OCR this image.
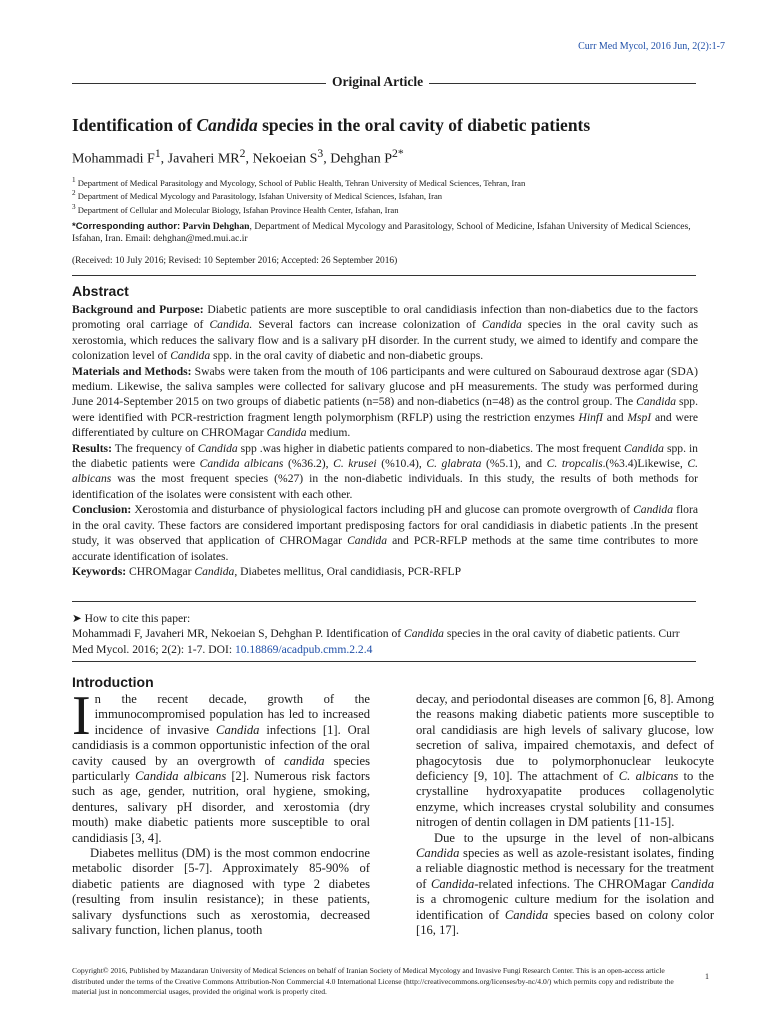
Curr Med Mycol, 2016 Jun, 2(2):1-7
Original Article
Identification of Candida species in the oral cavity of diabetic patients
Mohammadi $F^1$, Javaheri $MR^2$, Nekoeian $S^3$, Dehghan $P^{2*}$
$^1$ Department of Medical Parasitology and Mycology, School of Public Health, Tehran University of Medical Sciences, Tehran, Iran
$^2$ Department of Medical Mycology and Parasitology, Isfahan University of Medical Sciences, Isfahan, Iran
$^3$ Department of Cellular and Molecular Biology, Isfahan Province Health Center, Isfahan, Iran
*Corresponding author: Parvin Dehghan, Department of Medical Mycology and Parasitology, School of Medicine, Isfahan University of Medical Sciences, Isfahan, Iran. Email: dehghan@med.mui.ac.ir
(Received: 10 July 2016; Revised: 10 September 2016; Accepted: 26 September 2016)
Abstract

Background and Purpose: Diabetic patients are more susceptible to oral candidiasis infection than non-diabetics due to the factors promoting oral carriage of Candida. Several factors can increase colonization of Candida species in the oral cavity such as xerostomia, which reduces the salivary flow and is a salivary pH disorder. In the current study, we aimed to identify and compare the colonization level of Candida spp. in the oral cavity of diabetic and non-diabetic groups.

Materials and Methods: Swabs were taken from the mouth of 106 participants and were cultured on Sabouraud dextrose agar (SDA) medium. Likewise, the saliva samples were collected for salivary glucose and pH measurements. The study was performed during June 2014-September 2015 on two groups of diabetic patients (n=58) and non-diabetics (n=48) as the control group. The Candida spp. were identified with PCR-restriction fragment length polymorphism (RFLP) using the restriction enzymes HinfI and MspI and were differentiated by culture on CHROMagar Candida medium.

Results: The frequency of Candida spp .was higher in diabetic patients compared to non-diabetics. The most frequent Candida spp. in the diabetic patients were Candida albicans (%36.2), C. krusei (%10.4), C. glabrata (%5.1), and C. tropcalis.(%3.4)Likewise, C. albicans was the most frequent species (%27) in the non-diabetic individuals. In this study, the results of both methods for identification of the isolates were consistent with each other.

Conclusion: Xerostomia and disturbance of physiological factors including pH and glucose can promote overgrowth of Candida flora in the oral cavity. These factors are considered important predisposing factors for oral candidiasis in diabetic patients .In the present study, it was observed that application of CHROMagar Candida and PCR-RFLP methods at the same time contributes to more accurate identification of isolates.

Keywords: CHROMagar Candida, Diabetes mellitus, Oral candidiasis, PCR-RFLP

➤ How to cite this paper:

Mohammadi F, Javaheri MR, Nekoeian S, Dehghan P. Identification of Candida species in the oral cavity of diabetic patients. Curr Med Mycol. 2016; 2(2): 1-7. DOI: 10.18869/acadpub.cmm.2.2.4

Introduction

In the recent decade, growth of the immunocompromised population has led to increased incidence of invasive Candida infections [1]. Oral candidiasis is a common opportunistic infection of the oral cavity caused by an overgrowth of candida species particularly Candida albicans [2]. Numerous risk factors such as age, gender, nutrition, oral hygiene, smoking, dentures, salivary pH disorder, and xerostomia (dry mouth) make diabetic patients more susceptible to oral candidiasis [3, 4].

Diabetes mellitus (DM) is the most common endocrine metabolic disorder [5-7]. Approximately 85-90% of diabetic patients are diagnosed with type 2 diabetes (resulting from insulin resistance); in these patients, salivary dysfunctions such as xerostomia, decreased salivary function, lichen planus, tooth

decay, and periodontal diseases are common [6, 8]. Among the reasons making diabetic patients more susceptible to oral candidiasis are high levels of salivary glucose, low secretion of saliva, impaired chemotaxis, and defect of phagocytosis due to polymorphonuclear leukocyte deficiency [9, 10]. The attachment of C. albicans to the crystalline hydroxyapatite produces collagenolytic enzyme, which increases crystal solubility and consumes nitrogen of dentin collagen in DM patients [11-15].

Due to the upsurge in the level of non-albicans Candida species as well as azole-resistant isolates, finding a reliable diagnostic method is necessary for the treatment of Candida-related infections. The CHROMagar Candida is a chromogenic culture medium for the isolation and identification of Candida species based on colony color [16, 17].

Copyright© 2016, Published by Mazandaran University of Medical Sciences on behalf of Iranian Society of Medical Mycology and Invasive Fungi Research Center. This is an open-access article distributed under the terms of the Creative Commons Attribution-Non Commercial 4.0 International License (http://creativecommons.org/licenses/by-nc/4.0/) which permits copy and redistribute the material just in noncommercial usages, provided the original work is properly cited.
1
